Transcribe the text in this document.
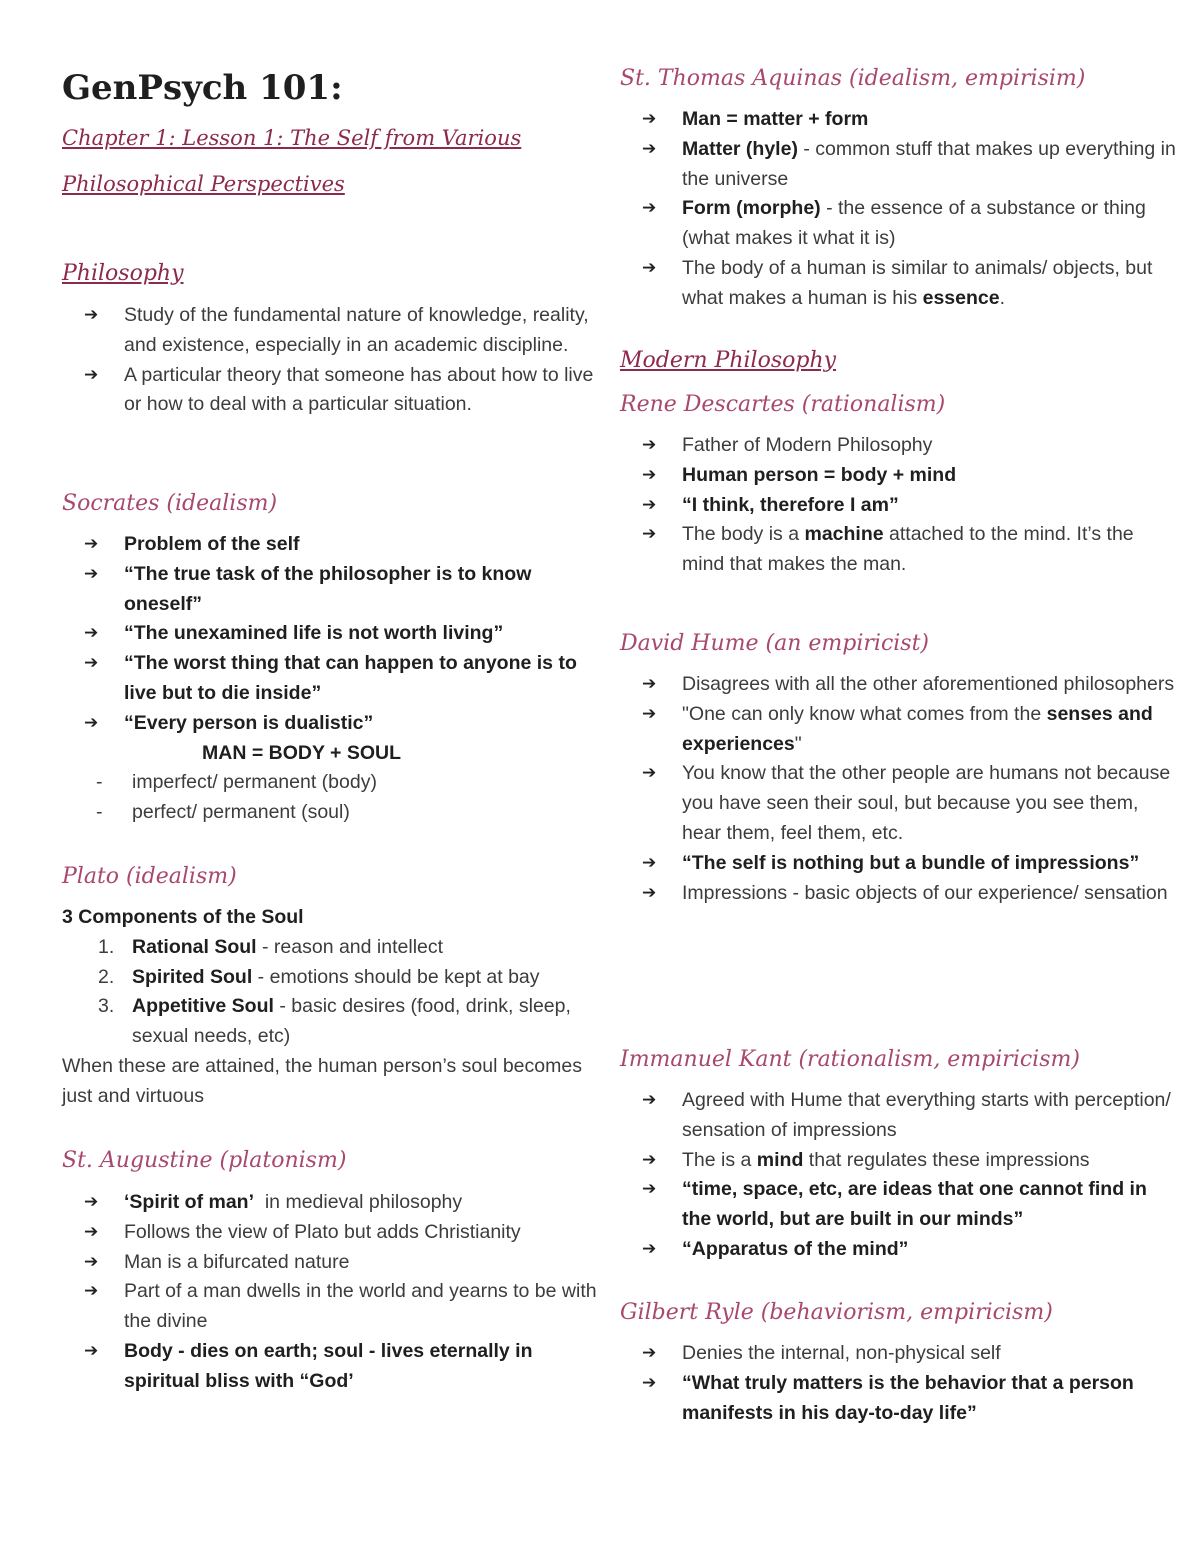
GenPsych 101:
Chapter 1: Lesson 1: The Self from Various
Philosophical Perspectives
Philosophy
➔ Study of the fundamental nature of knowledge, reality, and existence, especially in an academic discipline.
➔ A particular theory that someone has about how to live or how to deal with a particular situation.
Socrates (idealism)
➔ Problem of the self
➔ “The true task of the philosopher is to know oneself”
➔ “The unexamined life is not worth living”
➔ “The worst thing that can happen to anyone is to live but to die inside”
➔ “Every person is dualistic”
MAN = BODY + SOUL
- imperfect/ permanent (body)
- perfect/ permanent (soul)
Plato (idealism)
3 Components of the Soul
1. Rational Soul - reason and intellect
2. Spirited Soul - emotions should be kept at bay
3. Appetitive Soul - basic desires (food, drink, sleep, sexual needs, etc)
When these are attained, the human person’s soul becomes just and virtuous
St. Augustine (platonism)
➔ ‘Spirit of man’  in medieval philosophy
➔ Follows the view of Plato but adds Christianity
➔ Man is a bifurcated nature
➔ Part of a man dwells in the world and yearns to be with the divine
➔ Body - dies on earth; soul - lives eternally in spiritual bliss with “God’
St. Thomas Aquinas (idealism, empirisim)
➔ Man = matter + form
➔ Matter (hyle) - common stuff that makes up everything in the universe
➔ Form (morphe) - the essence of a substance or thing (what makes it what it is)
➔ The body of a human is similar to animals/ objects, but what makes a human is his essence.
Modern Philosophy
Rene Descartes (rationalism)
➔ Father of Modern Philosophy
➔ Human person = body + mind
➔ “I think, therefore I am”
➔ The body is a machine attached to the mind. It’s the mind that makes the man.
David Hume (an empiricist)
➔ Disagrees with all the other aforementioned philosophers
➔ "One can only know what comes from the senses and experiences"
➔ You know that the other people are humans not because you have seen their soul, but because you see them, hear them, feel them, etc.
➔ “The self is nothing but a bundle of impressions”
➔ Impressions - basic objects of our experience/ sensation
Immanuel Kant (rationalism, empiricism)
➔ Agreed with Hume that everything starts with perception/ sensation of impressions
➔ The is a mind that regulates these impressions
➔ “time, space, etc, are ideas that one cannot find in the world, but are built in our minds”
➔ “Apparatus of the mind”
Gilbert Ryle (behaviorism, empiricism)
➔ Denies the internal, non-physical self
➔ “What truly matters is the behavior that a person manifests in his day-to-day life”
